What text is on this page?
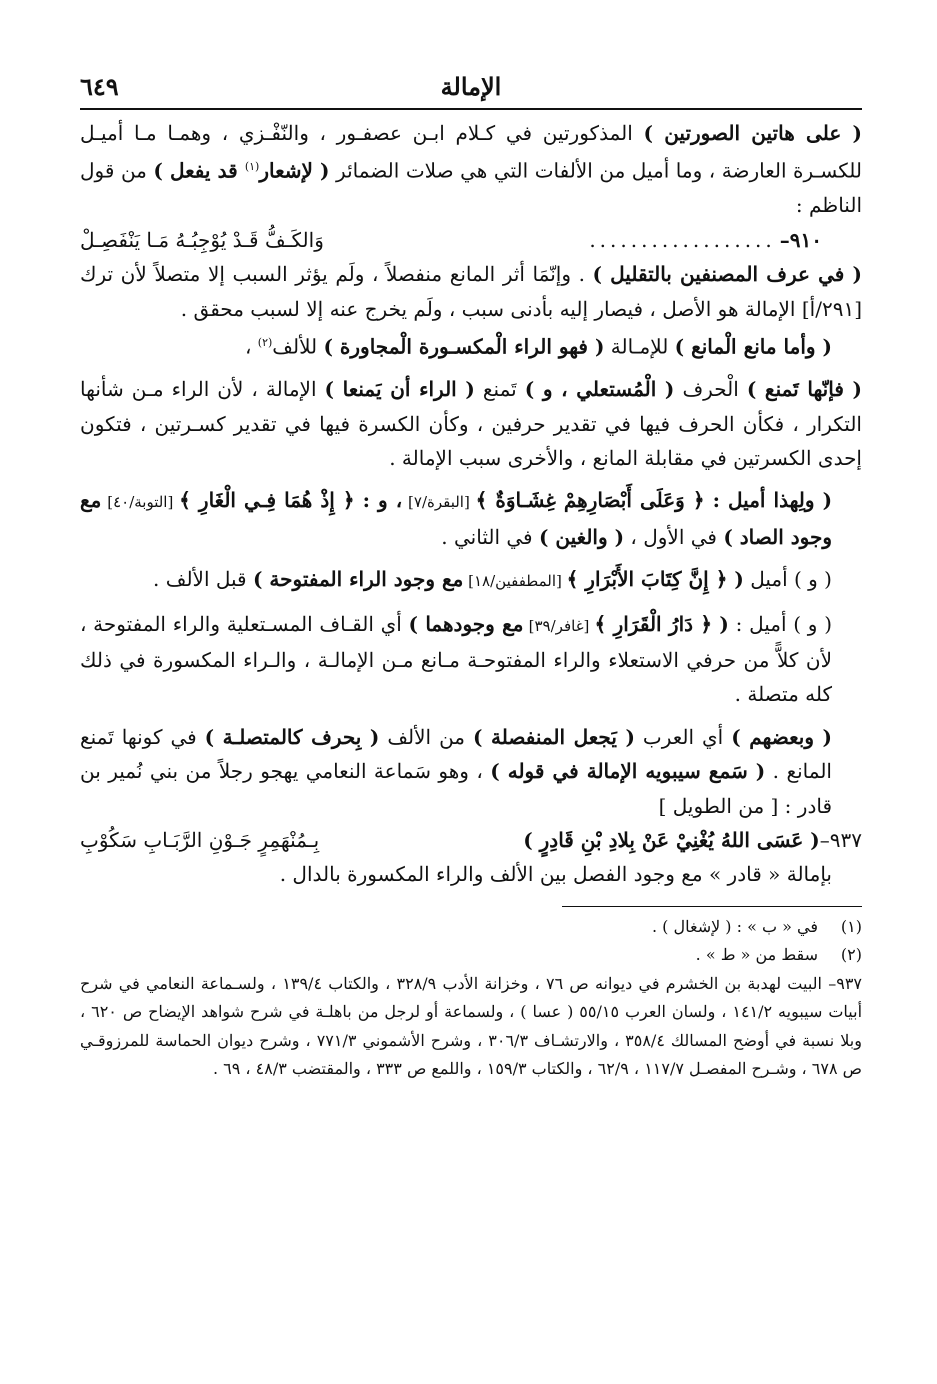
الإمالة
٦٤٩

( على هاتين الصورتين ) المذكورتين في كـلام ابـن عصفـور ، والنّفْـزي ، وهمـا مـا أميـل للكسـرة العارضة ، وما أميل من الألفات التي هي صلات الضمائر ( لإشعار$^{(١)}$ قد يفعل ) من قول الناظم :

٩١٠–
..................
وَالكَـفُّ قَـدْ يُوْجِبُـهُ مَـا يَنْفَصِـلْ

( في عرف المصنفين بالتقليل ) . وإنّمَا أثر المانع منفصلاً ، ولَم يؤثر السبب إلا متصلاً لأن ترك [٢٩١/أ] الإمالة هو الأصل ، فيصار إليه بأدنى سبب ، ولَم يخرج عنه إلا لسبب محقق .

( وأما مانع الْمانع ) للإمـالة ( فهو الراء الْمكسـورة الْمجاورة ) للألف$^{(٢)}$ ،

( فإنّها تَمنع ) الْحرف ( الْمُستعلي ، و ) تَمنع ( الراء أن يَمنعا ) الإمالة ، لأن الراء مـن شأنها التكرار ، فكأن الحرف فيها في تقدير حرفين ، وكأن الكسرة فيها في تقدير كسـرتين ، فتكون إحدى الكسرتين في مقابلة المانع ، والأخرى سبب الإمالة .

( ولِهذا أميل : ﴿ وَعَلَى أَبْصَارِهِمْ غِشَـاوَةٌ ﴾ [البقرة/٧] ، و : ﴿ إِذْ هُمَا فِـي الْغَارِ ﴾ [التوبة/٤٠] مع وجود الصاد ) في الأول ، ( والغين ) في الثاني .

( و ) أميل ( ﴿ إِنَّ كِتَابَ الأَبْرَارِ ﴾ [المطففين/١٨] مع وجود الراء المفتوحة ) قبل الألف .

( و ) أميل : ( ﴿ دَارُ الْقَرَارِ ﴾ [غافر/٣٩] مع وجودهما ) أي القـاف المسـتعلية والراء المفتوحة ، لأن كلاًّ من حرفي الاستعلاء والراء المفتوحـة مـانع مـن الإمالـة ، والـراء المكسورة في ذلك كله متصلة .

( وبعضهم ) أي العرب ( يَجعل المنفصلة ) من الألف ( بِحرف كالمتصلـة ) في كونها تَمنع المانع . ( سَمع سيبويه الإمالة في قوله ) ، وهو سَماعة النعامي يهجو رجلاً من بني نُمير بن قادر : [ من الطويل ]

٩٣٧–
( عَسَى اللهُ يُغْنِيْ عَنْ بِلادِ بْنِ قَادِرٍ )
بِـمُنْهَمِرٍ جَـوْنِ الرَّبَـابِ سَكُوْبِ

بإمالة « قادر » مع وجود الفصل بين الألف والراء المكسورة بالدال .

(١)
في « ب » : ( لإشغال ) .
(٢)
سقط من « ط » .

٩٣٧– البيت لهدبة بن الخشرم في ديوانه ص ٧٦ ، وخزانة الأدب ٣٢٨/٩ ، والكتاب ١٣٩/٤ ، ولسـماعة النعامي في شرح أبيات سيبويه ١٤١/٢ ، ولسان العرب ٥٥/١٥ ( عسا ) ، ولسماعة أو لرجل من باهلـة في شرح شواهد الإيضاح ص ٦٢٠ ، وبلا نسبة في أوضح المسالك ٣٥٨/٤ ، والارتشـاف ٣٠٦/٣ ، وشرح الأشموني ٧٧١/٣ ، وشرح ديوان الحماسة للمرزوقـي ص ٦٧٨ ، وشـرح المفصـل ١١٧/٧ ، ٦٢/٩ ، والكتاب ١٥٩/٣ ، واللمع ص ٣٣٣ ، والمقتضب ٤٨/٣ ، ٦٩ .
